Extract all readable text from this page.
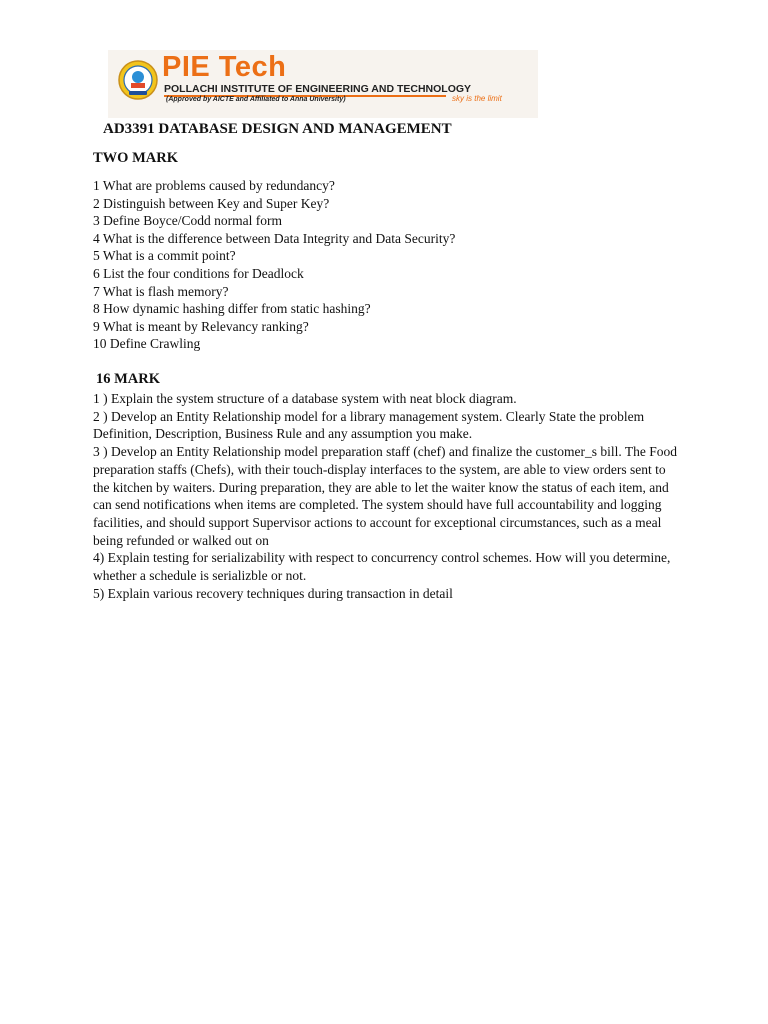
PIE Tech
POLLACHI INSTITUTE OF ENGINEERING AND TECHNOLOGY
(Approved by AICTE and Affiliated to Anna University)	sky is the limit
AD3391 DATABASE DESIGN AND MANAGEMENT
TWO MARK
1 What are problems caused by redundancy?
2 Distinguish between Key and Super Key?
3 Define Boyce/Codd normal form
4 What is the difference between Data Integrity and Data Security?
5 What is a commit point?
6 List the four conditions for Deadlock
7 What is flash memory?
8 How dynamic hashing differ from static hashing?
9 What is meant by Relevancy ranking?
10 Define Crawling
16 MARK
1 ) Explain the system structure of a database system with neat block diagram.
2 ) Develop an Entity Relationship model for a library management system. Clearly State the problem Definition, Description, Business Rule and any assumption you make.
3 ) Develop an Entity Relationship model preparation staff (chef) and finalize the customer_s bill. The Food preparation staffs (Chefs), with their touch-display interfaces to the system, are able to view orders sent to the kitchen by waiters. During preparation, they are able to let the waiter know the status of each item, and can send notifications when items are completed. The system should have full accountability and logging facilities, and should support Supervisor actions to account for exceptional circumstances, such as a meal being refunded or walked out on
4) Explain testing for serializability with respect to concurrency control schemes. How will you determine, whether a schedule is serializble or not.
5) Explain various recovery techniques during transaction in detail
